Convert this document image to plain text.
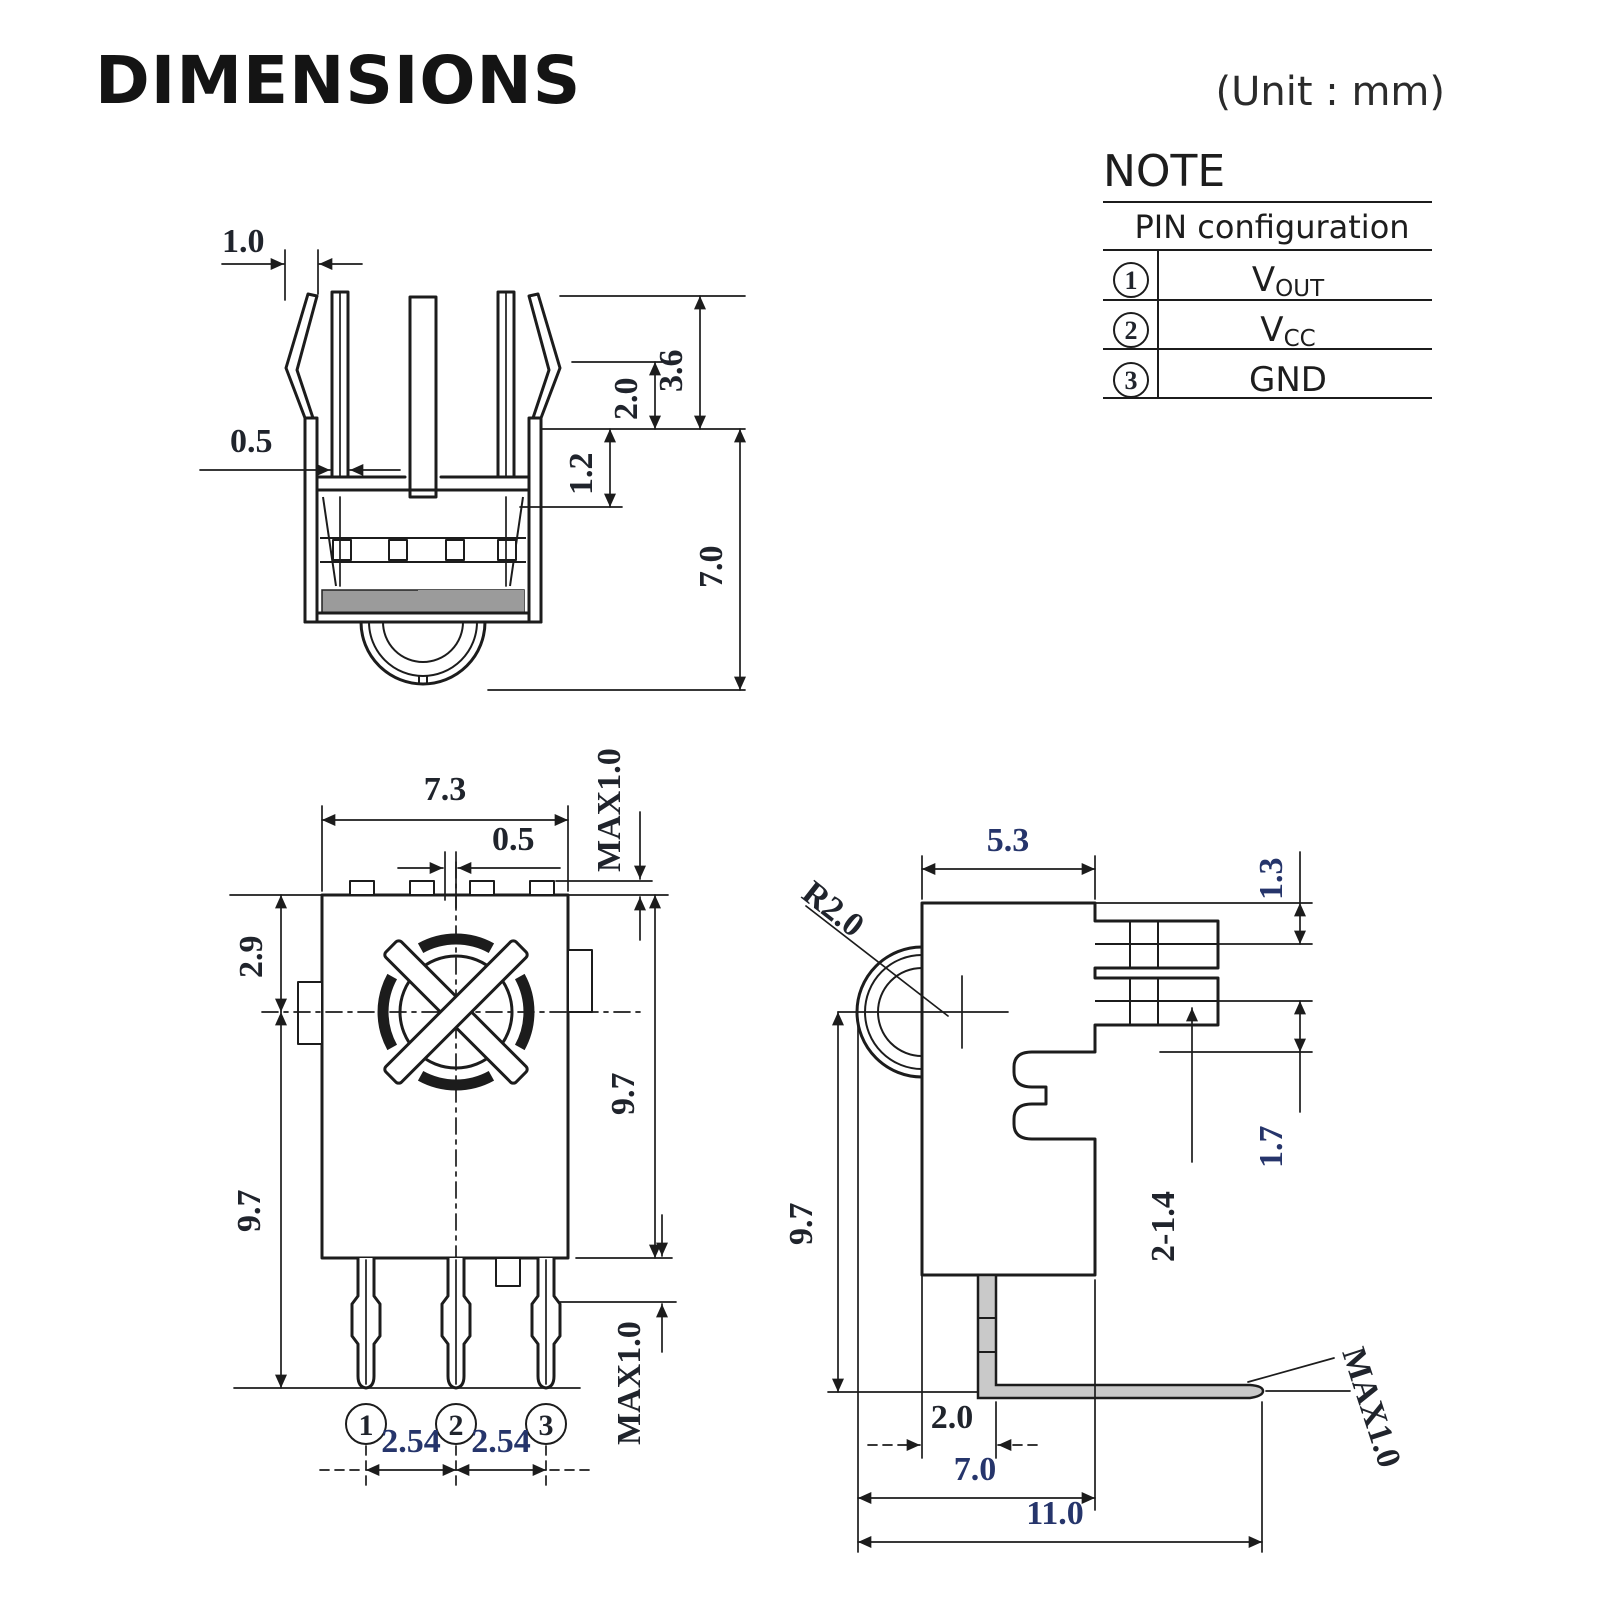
DIMENSIONS	(Unit : mm)
NOTE
PIN configuration
1	VOUT
2	VCC
3	GND
1.0
0.5
1.2
2.0
3.6
7.0
1	2	3
7.3
0.5 MAX1.0
2.9
9.7
9.7
MAX1.0
2.54 2.54
R2.0
5.3
1.3
1.7
2-1.4
9.7
2.0
7.0
11.0
MAX1.0
